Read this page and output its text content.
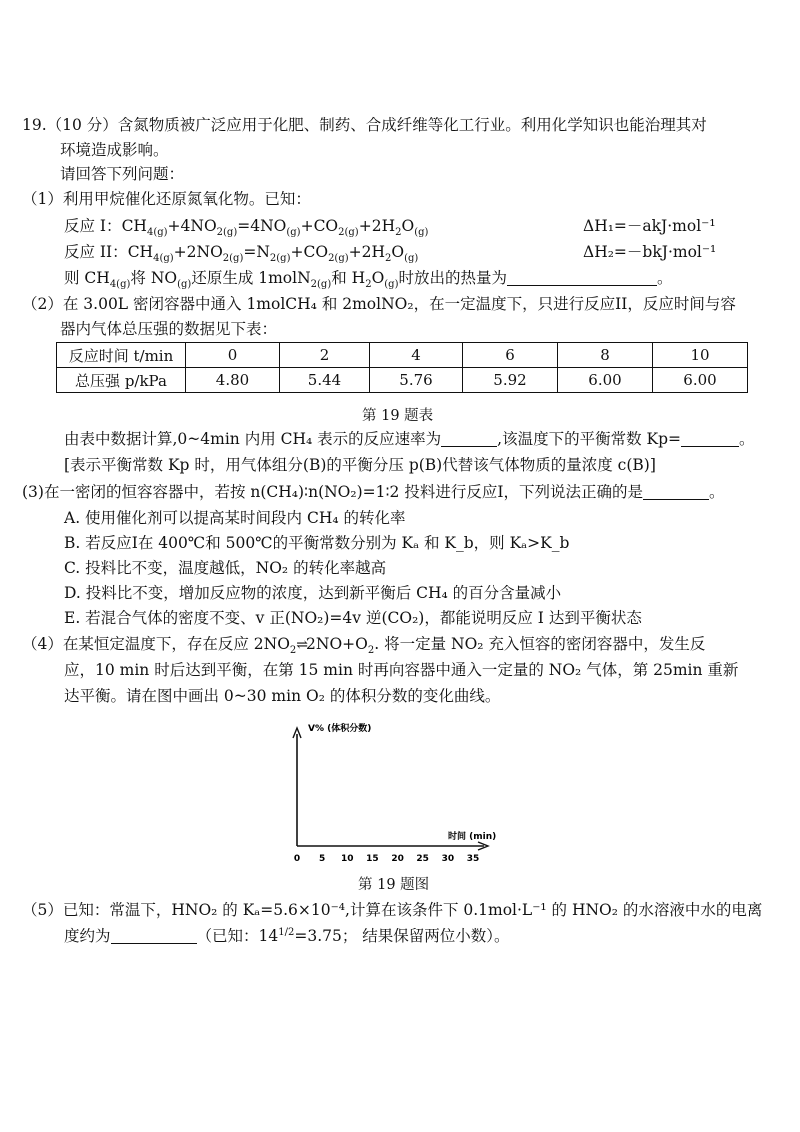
19.（10 分）含氮物质被广泛应用于化肥、制药、合成纤维等化工行业。利用化学知识也能治理其对
环境造成影响。
请回答下列问题：
（1）利用甲烷催化还原氮氧化物。已知：
反应 I：$CH_{4(g)}+4NO_{2(g)}=4NO_{(g)}+CO_{2(g)}+2H_2O_{(g)}$	ΔH₁=－akJ·mol⁻¹
反应 II：$CH_{4(g)}+2NO_{2(g)}=N_{2(g)}+CO_{2(g)}+2H_2O_{(g)}$	ΔH₂=－bkJ·mol⁻¹
则 $CH_{4(g)}$将 $NO_{(g)}$还原生成 1molN$_{2(g)}$和 $H_2O_{(g)}$时放出的热量为	。
（2）在 3.00L 密闭容器中通入 1molCH₄ 和 2molNO₂，在一定温度下，只进行反应II，反应时间与容
器内气体总压强的数据见下表：
反应时间 t/min	0	2	4	6	8	10
总压强 p/kPa	4.80	5.44	5.76	5.92	6.00	6.00
第 19 题表
由表中数据计算,0~4min 内用 CH₄ 表示的反应速率为	,该温度下的平衡常数 Kp=	。
[表示平衡常数 Kp 时，用气体组分(B)的平衡分压 p(B)代替该气体物质的量浓度 c(B)]
(3)在一密闭的恒容容器中，若按 n(CH₄)∶n(NO₂)=1∶2 投料进行反应I，下列说法正确的是	。
A. 使用催化剂可以提高某时间段内 CH₄ 的转化率
B. 若反应I在 400℃和 500℃的平衡常数分别为 Kₐ 和 K_b，则 Kₐ>K_b
C. 投料比不变，温度越低，NO₂ 的转化率越高
D. 投料比不变，增加反应物的浓度，达到新平衡后 CH₄ 的百分含量减小
E. 若混合气体的密度不变、v 正(NO₂)=4v 逆(CO₂)，都能说明反应 I 达到平衡状态
（4）在某恒定温度下，存在反应 $2NO_2\rightleftharpoons 2NO+O_2$. 将一定量 NO₂ 充入恒容的密闭容器中，发生反
应，10 min 时后达到平衡，在第 15 min 时再向容器中通入一定量的 NO₂ 气体，第 25min 重新
达平衡。请在图中画出 0~30 min O₂ 的体积分数的变化曲线。
V% (体积分数)
时间 (min)
0 5 10 15 20 25 30 35
第 19 题图
（5）已知：常温下，HNO₂ 的 Kₐ=5.6×10⁻⁴,计算在该条件下 0.1mol·L⁻¹ 的 HNO₂ 的水溶液中水的电离
度约为	（已知：$14^{1/2}=3.75$； 结果保留两位小数）。
